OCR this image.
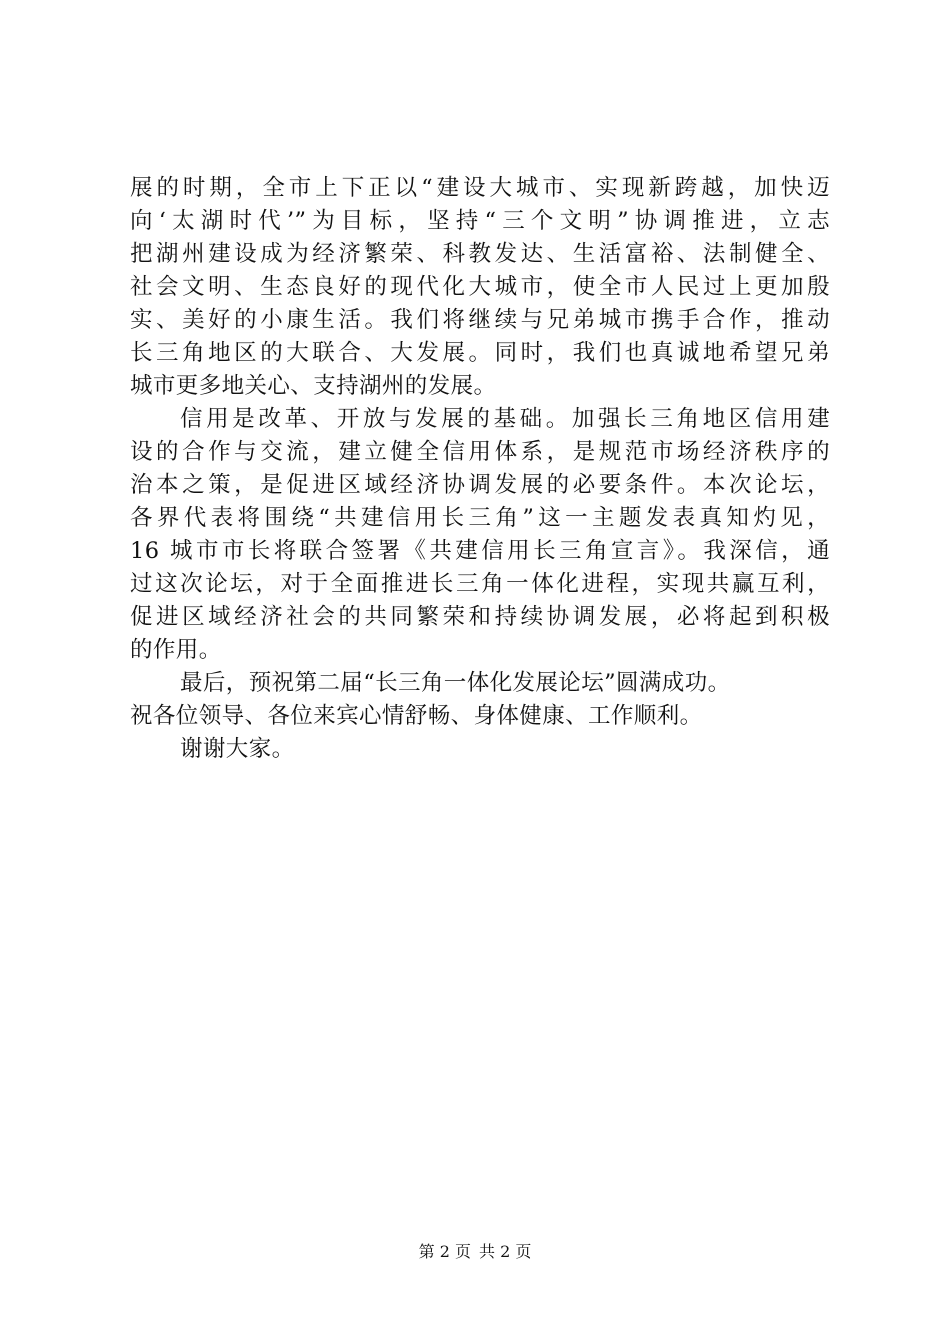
展的时期，全市上下正以“建设大城市、实现新跨越，加快迈
向‘太湖时代’”为目标，坚持“三个文明”协调推进，立志
把湖州建设成为经济繁荣、科教发达、生活富裕、法制健全、
社会文明、生态良好的现代化大城市，使全市人民过上更加殷
实、美好的小康生活。我们将继续与兄弟城市携手合作，推动
长三角地区的大联合、大发展。同时，我们也真诚地希望兄弟
城市更多地关心、支持湖州的发展。
信用是改革、开放与发展的基础。加强长三角地区信用建
设的合作与交流，建立健全信用体系，是规范市场经济秩序的
治本之策，是促进区域经济协调发展的必要条件。本次论坛，
各界代表将围绕“共建信用长三角”这一主题发表真知灼见，
16 城市市长将联合签署《共建信用长三角宣言》。我深信，通
过这次论坛，对于全面推进长三角一体化进程，实现共赢互利，
促进区域经济社会的共同繁荣和持续协调发展，必将起到积极
的作用。
最后，预祝第二届“长三角一体化发展论坛”圆满成功。
祝各位领导、各位来宾心情舒畅、身体健康、工作顺利。
谢谢大家。
第 2 页 共 2 页
